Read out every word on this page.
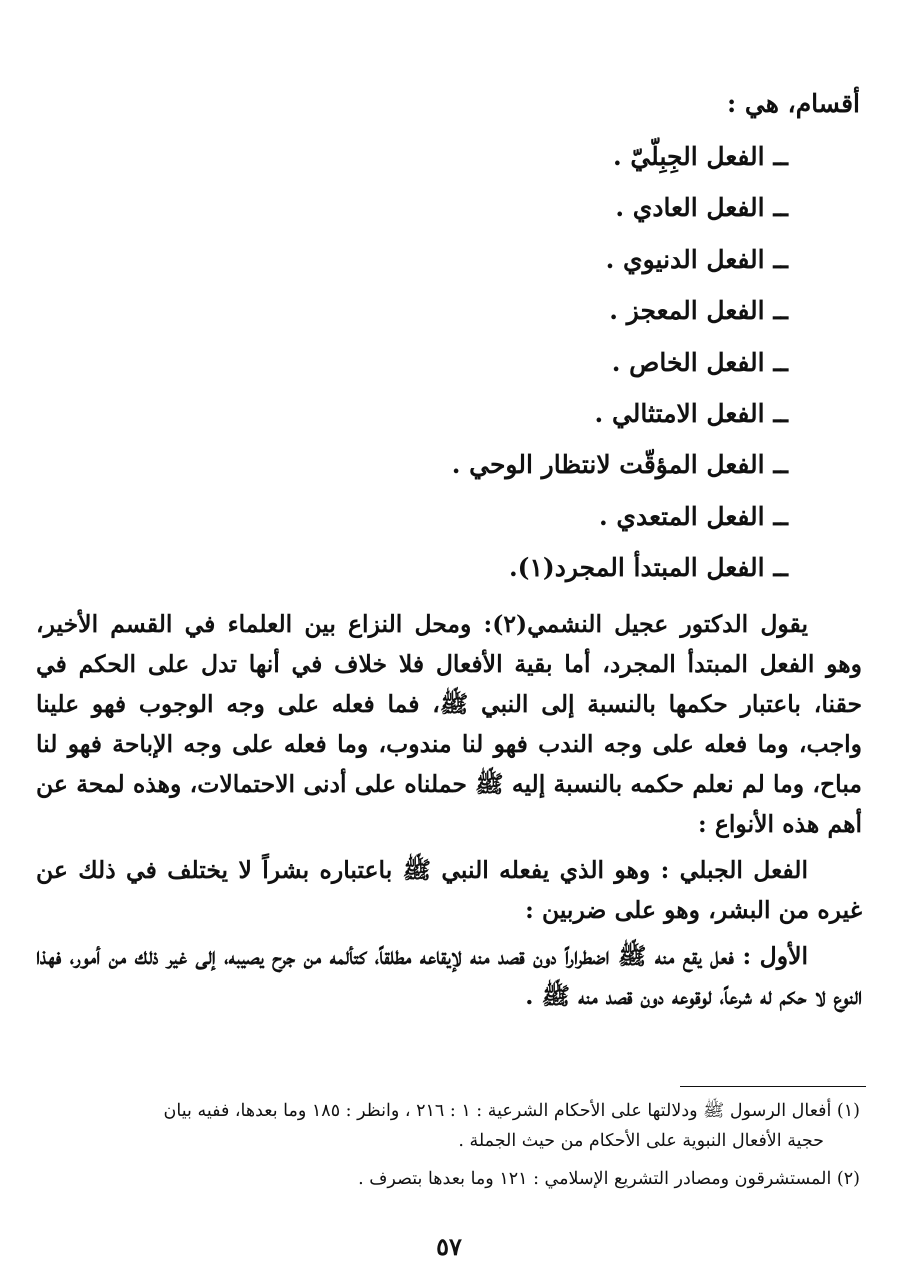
أقسام، هي :
ــ الفعل الجِبِلّيّ .
ــ الفعل العادي .
ــ الفعل الدنيوي .
ــ الفعل المعجز .
ــ الفعل الخاص .
ــ الفعل الامتثالي .
ــ الفعل المؤقّت لانتظار الوحي .
ــ الفعل المتعدي .
ــ الفعل المبتدأ المجرد(١).

يقول الدكتور عجيل النشمي(٢): ومحل النزاع بين العلماء في القسم الأخير، وهو الفعل المبتدأ المجرد، أما بقية الأفعال فلا خلاف في أنها تدل على الحكم في حقنا، باعتبار حكمها بالنسبة إلى النبي ﷺ، فما فعله على وجه الوجوب فهو علينا واجب، وما فعله على وجه الندب فهو لنا مندوب، وما فعله على وجه الإباحة فهو لنا مباح، وما لم نعلم حكمه بالنسبة إليه ﷺ حملناه على أدنى الاحتمالات، وهذه لمحة عن أهم هذه الأنواع :

الفعل الجبلي : وهو الذي يفعله النبي ﷺ باعتباره بشراً لا يختلف في ذلك عن غيره من البشر، وهو على ضربين :

الأول : فعل يقع منه ﷺ اضطراراً دون قصد منه لإيقاعه مطلقاً، كتألمه من جرح يصيبه، إلى غير ذلك من أمور، فهذا النوع لا حكم له شرعاً، لوقوعه دون قصد منه ﷺ .

(١) أفعال الرسول ﷺ ودلالتها على الأحكام الشرعية : ١ : ٢١٦ ، وانظر : ١٨٥ وما بعدها، ففيه بيان
حجية الأفعال النبوية على الأحكام من حيث الجملة .

(٢) المستشرقون ومصادر التشريع الإسلامي : ١٢١ وما بعدها بتصرف .

٥٧
